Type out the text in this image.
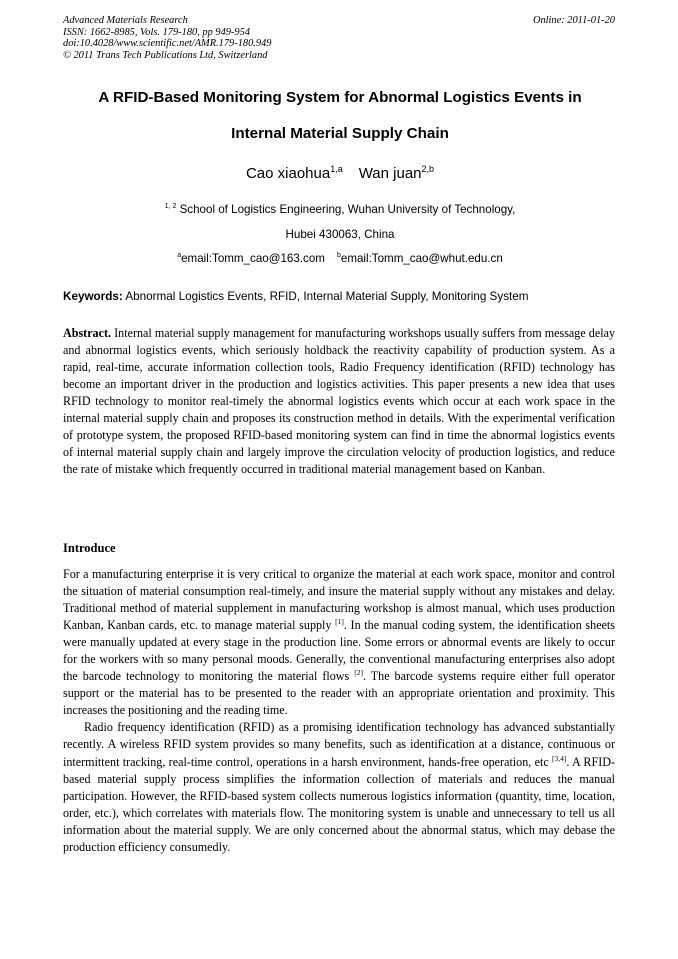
Advanced Materials Research
ISSN: 1662-8985, Vols. 179-180, pp 949-954
doi:10.4028/www.scientific.net/AMR.179-180.949
© 2011 Trans Tech Publications Ltd, Switzerland
Online: 2011-01-20
A RFID-Based Monitoring System for Abnormal Logistics Events in
Internal Material Supply Chain
Cao xiaohua$^{1,a}$ Wan juan$^{2,b}$
$^{1, 2}$ School of Logistics Engineering, Wuhan University of Technology,
Hubei 430063, China
$^a$email:Tomm_cao@163.com $^b$email:Tomm_cao@whut.edu.cn
Keywords: Abnormal Logistics Events, RFID, Internal Material Supply, Monitoring System

Abstract. Internal material supply management for manufacturing workshops usually suffers from message delay and abnormal logistics events, which seriously holdback the reactivity capability of production system. As a rapid, real-time, accurate information collection tools, Radio Frequency identification (RFID) technology has become an important driver in the production and logistics activities. This paper presents a new idea that uses RFID technology to monitor real-timely the abnormal logistics events which occur at each work space in the internal material supply chain and proposes its construction method in details. With the experimental verification of prototype system, the proposed RFID-based monitoring system can find in time the abnormal logistics events of internal material supply chain and largely improve the circulation velocity of production logistics, and reduce the rate of mistake which frequently occurred in traditional material management based on Kanban.

Introduce

For a manufacturing enterprise it is very critical to organize the material at each work space, monitor and control the situation of material consumption real-timely, and insure the material supply without any mistakes and delay. Traditional method of material supplement in manufacturing workshop is almost manual, which uses production Kanban, Kanban cards, etc. to manage material supply [1]. In the manual coding system, the identification sheets were manually updated at every stage in the production line. Some errors or abnormal events are likely to occur for the workers with so many personal moods. Generally, the conventional manufacturing enterprises also adopt the barcode technology to monitoring the material flows [2]. The barcode systems require either full operator support or the material has to be presented to the reader with an appropriate orientation and proximity. This increases the positioning and the reading time.

Radio frequency identification (RFID) as a promising identification technology has advanced substantially recently. A wireless RFID system provides so many benefits, such as identification at a distance, continuous or intermittent tracking, real-time control, operations in a harsh environment, hands-free operation, etc [3,4]. A RFID-based material supply process simplifies the information collection of materials and reduces the manual participation. However, the RFID-based system collects numerous logistics information (quantity, time, location, order, etc.), which correlates with materials flow. The monitoring system is unable and unnecessary to tell us all information about the material supply. We are only concerned about the abnormal status, which may debase the production efficiency consumedly.
